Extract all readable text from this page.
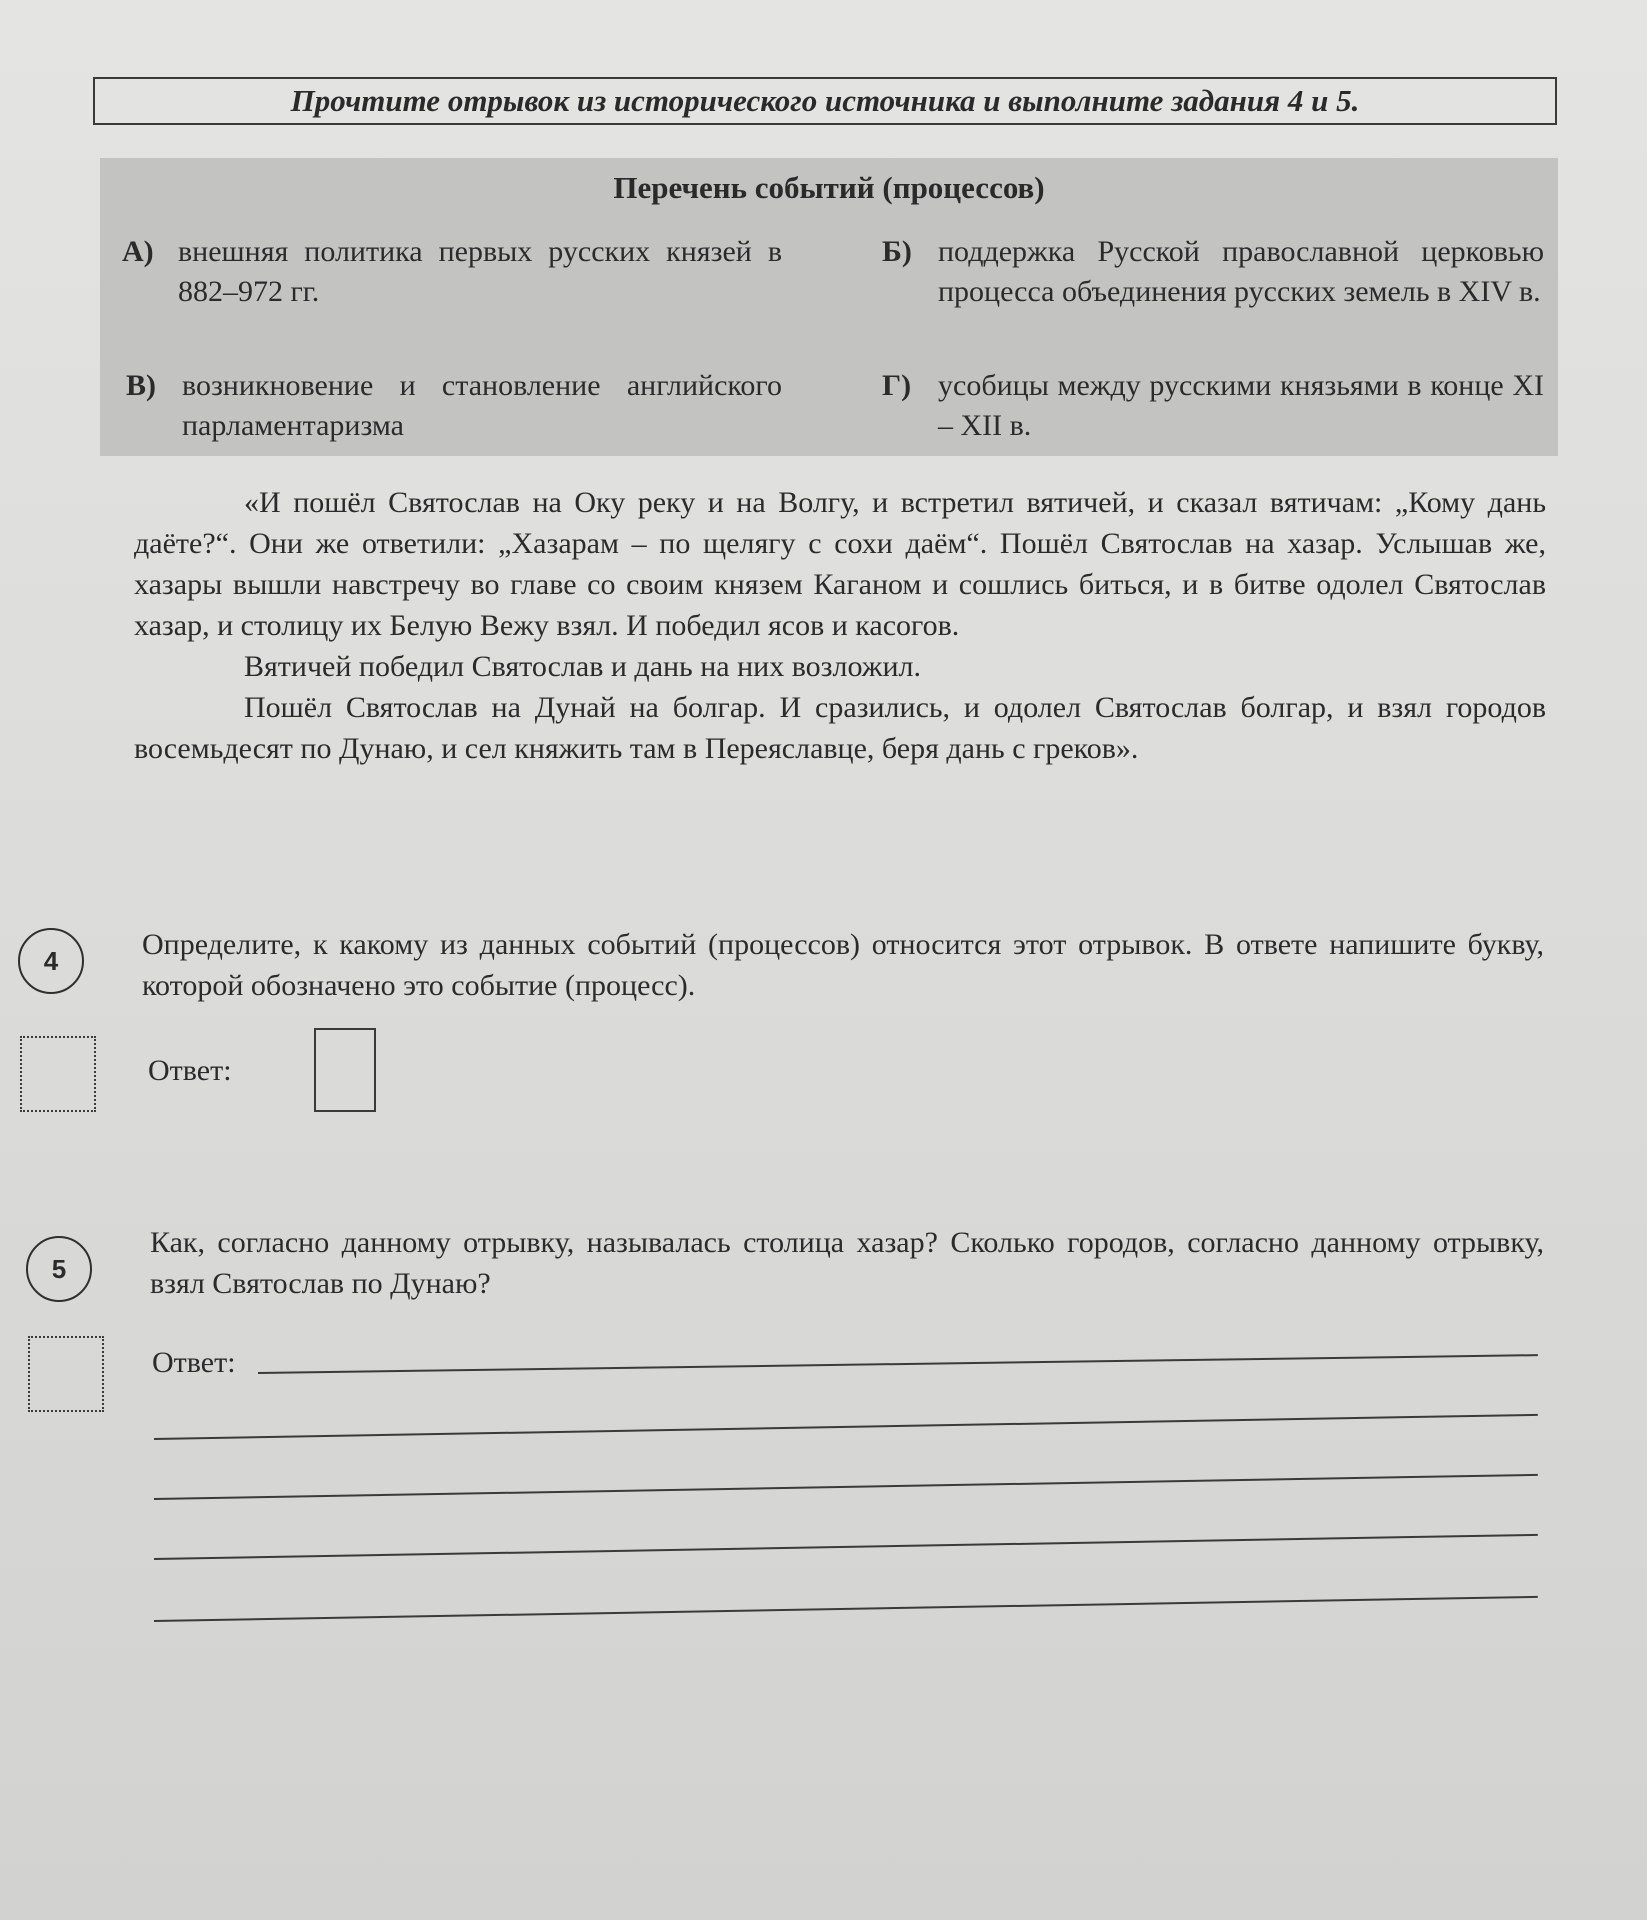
Прочтите отрывок из исторического источника и выполните задания 4 и 5.
Перечень событий (процессов)
А) внешняя политика первых русских князей в 882–972 гг.
Б) поддержка Русской православной церковью процесса объединения русских земель в XIV в.
В) возникновение и становление английского парламентаризма
Г) усобицы между русскими князьями в конце XI – XII в.

«И пошёл Святослав на Оку реку и на Волгу, и встретил вятичей, и сказал вятичам: „Кому дань даёте?“. Они же ответили: „Хазарам – по щелягу с сохи даём“. Пошёл Святослав на хазар. Услышав же, хазары вышли навстречу во главе со своим князем Каганом и сошлись биться, и в битве одолел Святослав хазар, и столицу их Белую Вежу взял. И победил ясов и касогов.

Вятичей победил Святослав и дань на них возложил.

Пошёл Святослав на Дунай на болгар. И сразились, и одолел Святослав болгар, и взял городов восемьдесят по Дунаю, и сел княжить там в Переяславце, беря дань с греков».

4	Определите, к какому из данных событий (процессов) относится этот отрывок. В ответе напишите букву, которой обозначено это событие (процесс).
Ответ:
5
Как, согласно данному отрывку, называлась столица хазар? Сколько городов, согласно данному отрывку, взял Святослав по Дунаю?
Ответ:
